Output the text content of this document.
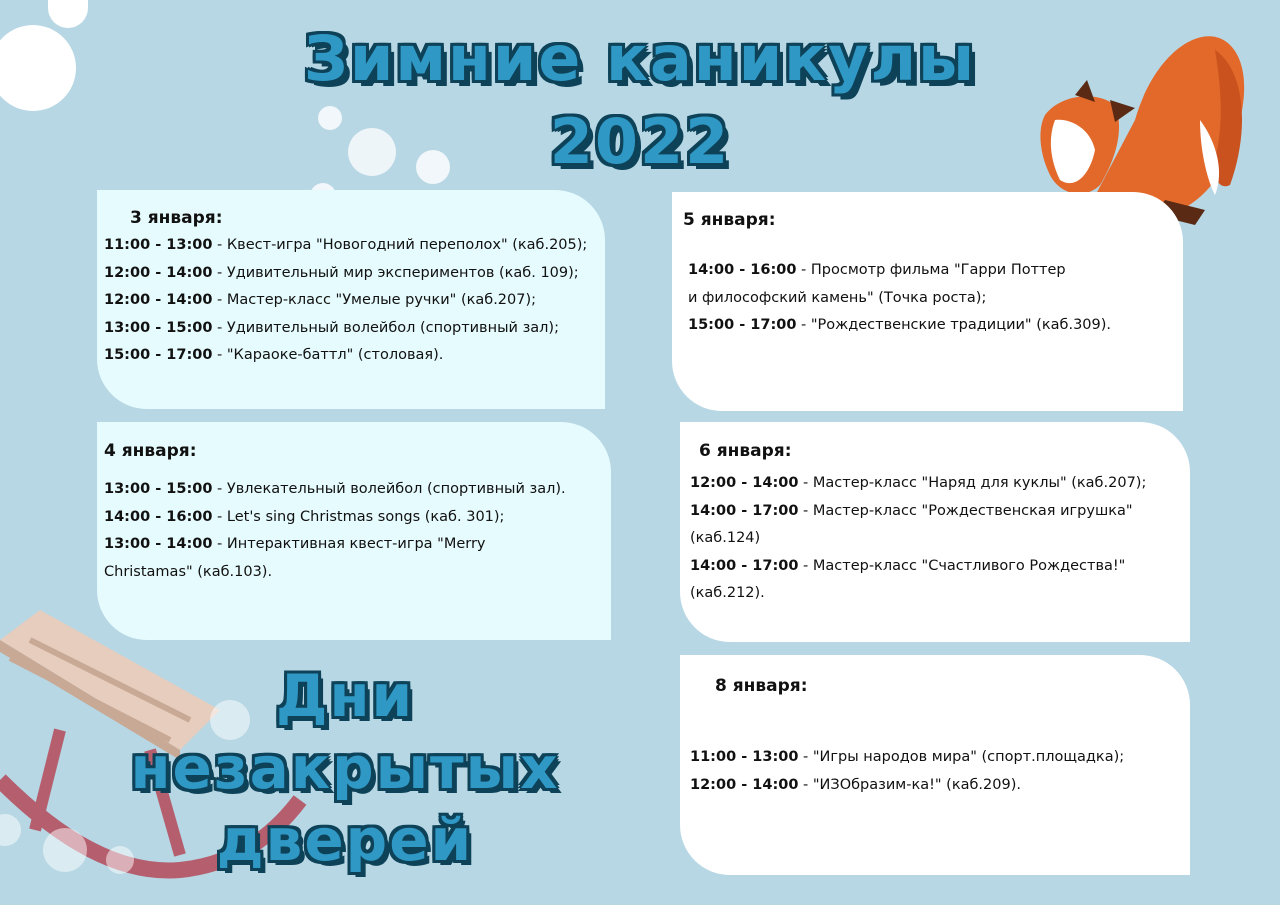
Зимние каникулы
2022
3 января:
11:00 - 13:00 - Квест-игра "Новогодний переполох" (каб.205);
12:00 - 14:00 - Удивительный мир экспериментов (каб. 109);
12:00 - 14:00 - Мастер-класс "Умелые ручки" (каб.207);
13:00 - 15:00 - Удивительный волейбол (спортивный зал);
15:00 - 17:00 - "Караоке-баттл" (столовая).
5 января:
14:00 - 16:00 - Просмотр фильма "Гарри Поттер
и философский камень" (Точка роста);
15:00 - 17:00 - "Рождественские традиции" (каб.309).
4 января:
13:00 - 15:00 - Увлекательный волейбол (спортивный зал).
14:00 - 16:00 - Let's sing Christmas songs (каб. 301);
13:00 - 14:00 - Интерактивная квест-игра "Merry
Christamas" (каб.103).
6 января:
12:00 - 14:00 - Мастер-класс "Наряд для куклы" (каб.207);
14:00 - 17:00 - Мастер-класс "Рождественская игрушка"
(каб.124)
14:00 - 17:00 - Мастер-класс "Счастливого Рождества!"
(каб.212).
8 января:
11:00 - 13:00 - "Игры народов мира" (спорт.площадка);
12:00 - 14:00 - "ИЗОбразим-ка!" (каб.209).
Дни
незакрытых
дверей
